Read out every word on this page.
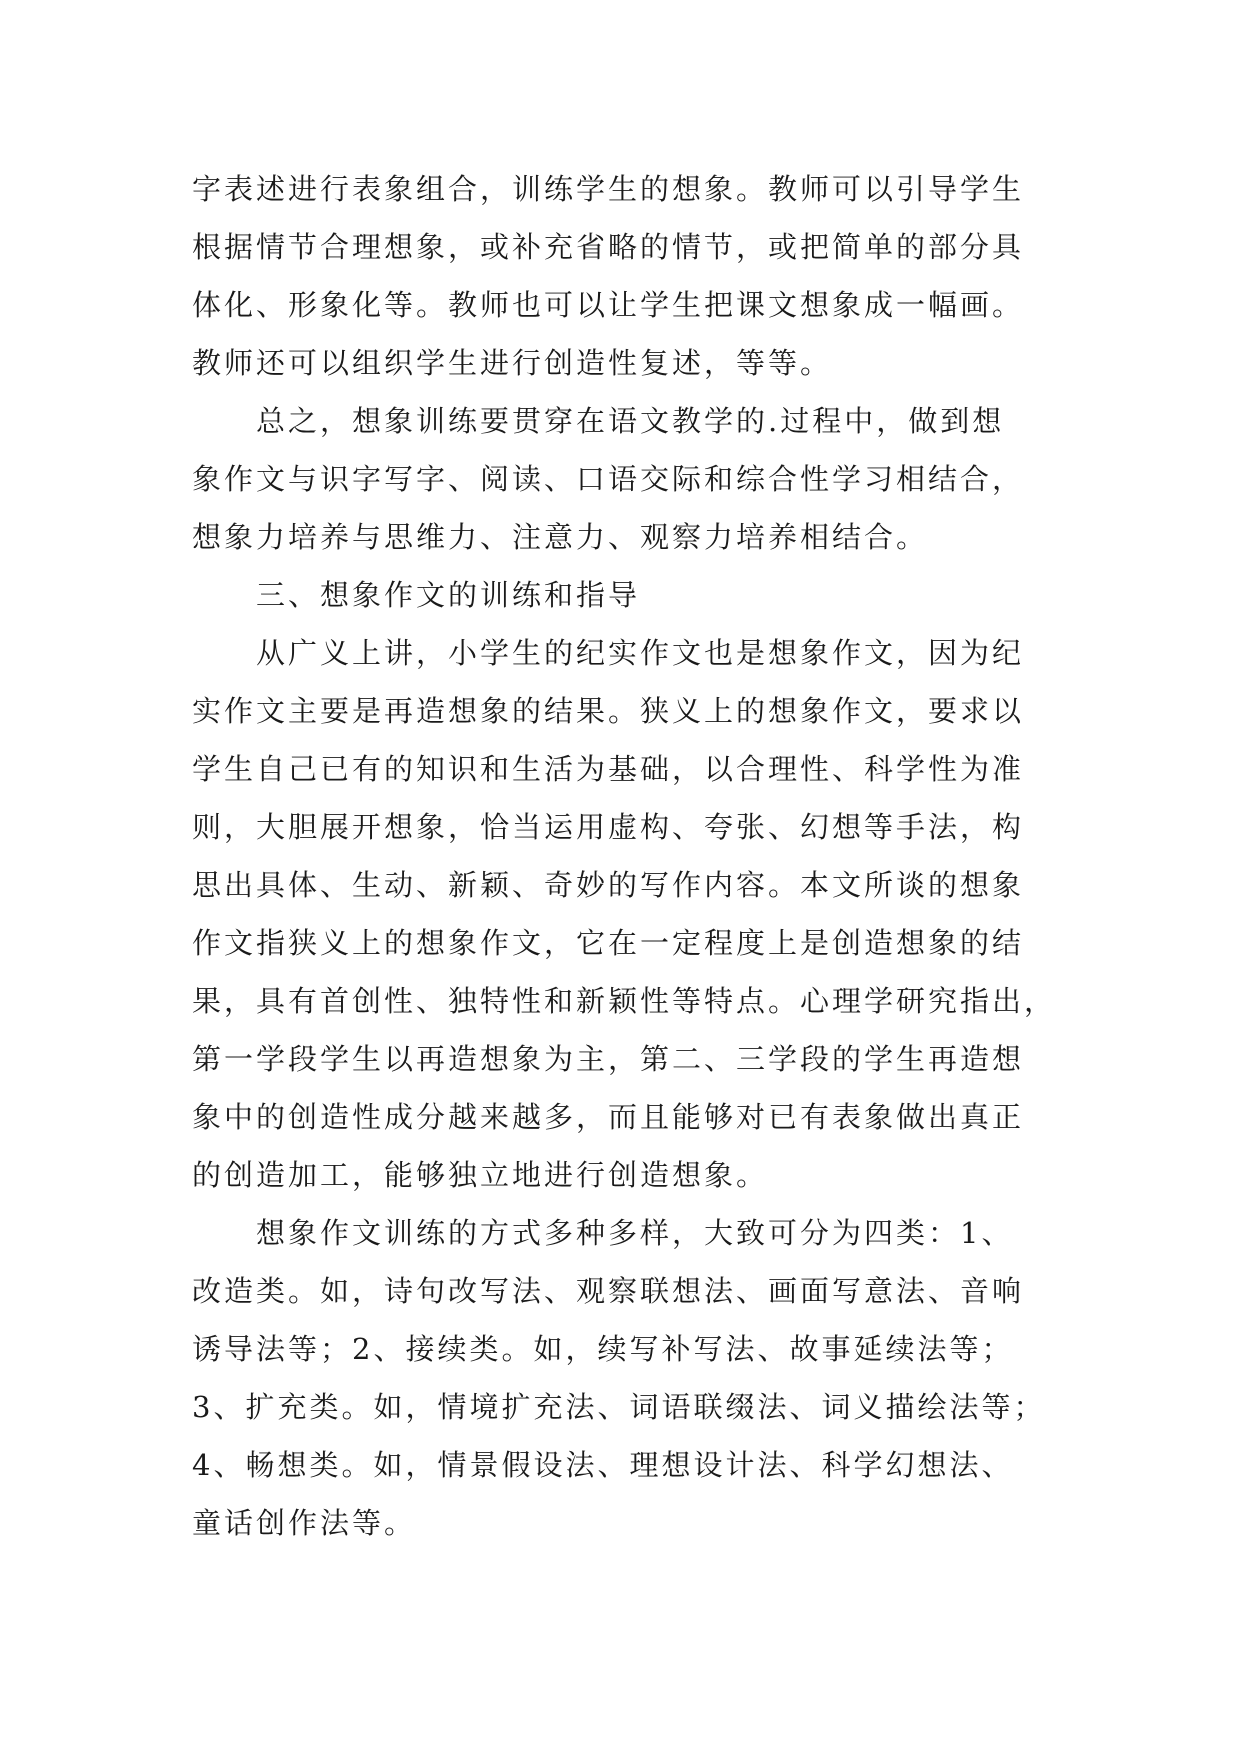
字表述进行表象组合，训练学生的想象。教师可以引导学生
根据情节合理想象，或补充省略的情节，或把简单的部分具
体化、形象化等。教师也可以让学生把课文想象成一幅画。
教师还可以组织学生进行创造性复述，等等。
总之，想象训练要贯穿在语文教学的.过程中，做到想
象作文与识字写字、阅读、口语交际和综合性学习相结合，
想象力培养与思维力、注意力、观察力培养相结合。
三、想象作文的训练和指导
从广义上讲，小学生的纪实作文也是想象作文，因为纪
实作文主要是再造想象的结果。狭义上的想象作文，要求以
学生自己已有的知识和生活为基础，以合理性、科学性为准
则，大胆展开想象，恰当运用虚构、夸张、幻想等手法，构
思出具体、生动、新颖、奇妙的写作内容。本文所谈的想象
作文指狭义上的想象作文，它在一定程度上是创造想象的结
果，具有首创性、独特性和新颖性等特点。心理学研究指出，
第一学段学生以再造想象为主，第二、三学段的学生再造想
象中的创造性成分越来越多，而且能够对已有表象做出真正
的创造加工，能够独立地进行创造想象。
想象作文训练的方式多种多样，大致可分为四类：1、
改造类。如，诗句改写法、观察联想法、画面写意法、音响
诱导法等；2、接续类。如，续写补写法、故事延续法等；
3、扩充类。如，情境扩充法、词语联缀法、词义描绘法等；
4、畅想类。如，情景假设法、理想设计法、科学幻想法、
童话创作法等。
